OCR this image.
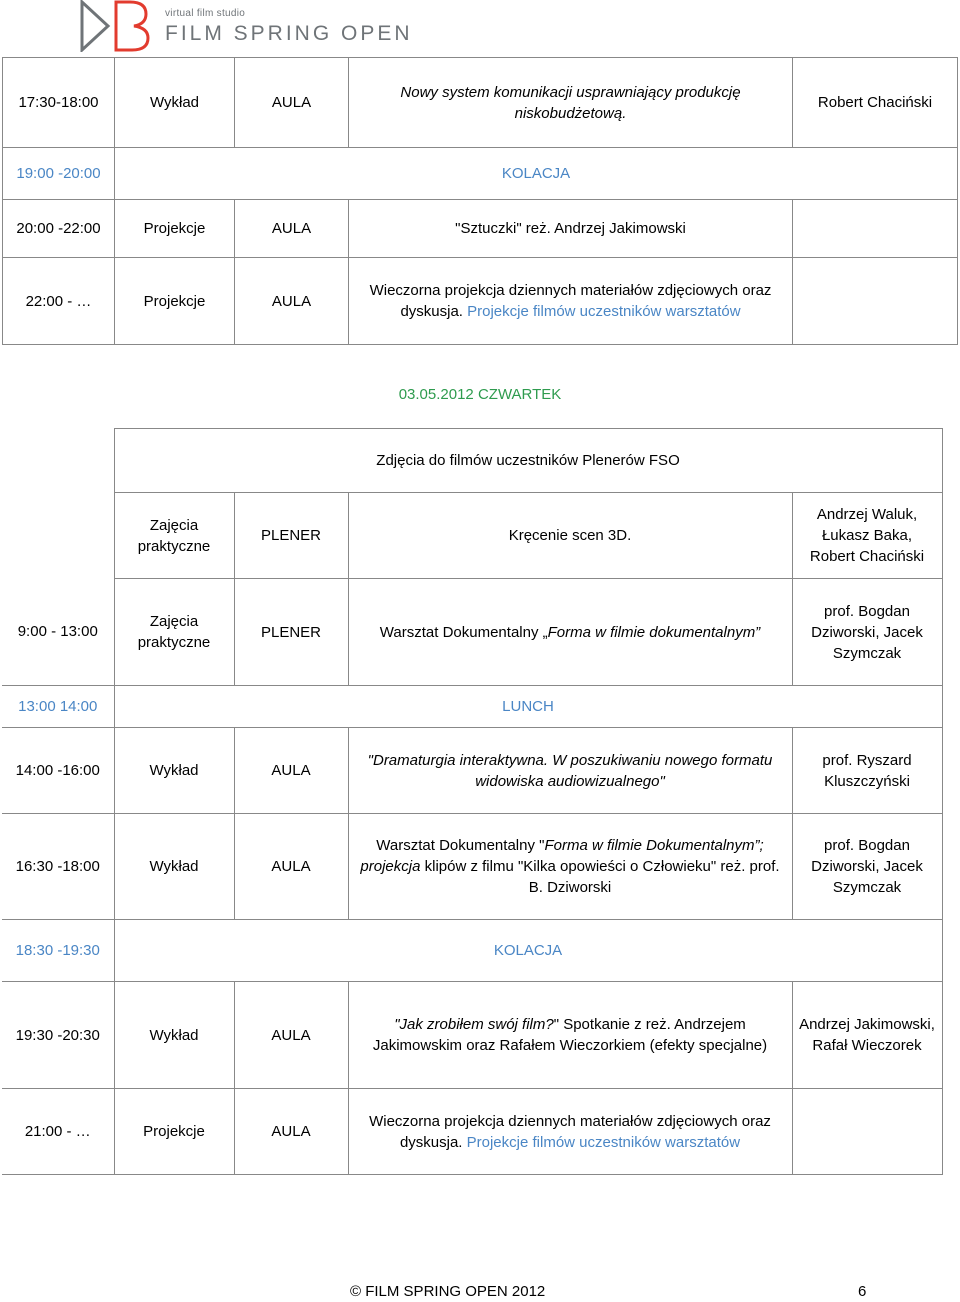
virtual film studio
FILM SPRING OPEN
17:30-18:00	Wykład	AULA	Nowy system komunikacji usprawniający produkcję niskobudżetową.	Robert Chaciński
19:00 -20:00	KOLACJA			
20:00 -22:00	Projekcje	AULA	"Sztuczki" reż. Andrzej Jakimowski	
22:00 - …	Projekcje	AULA	Wieczorna projekcja dziennych materiałów zdjęciowych oraz dyskusja. Projekcje filmów uczestników warsztatów	
03.05.2012 CZWARTEK
	Zdjęcia do filmów uczestników Plenerów FSO			
	Zajęcia praktyczne	PLENER	Kręcenie scen 3D.	Andrzej Waluk, Łukasz Baka, Robert Chaciński
9:00 - 13:00	Zajęcia praktyczne	PLENER	Warsztat Dokumentalny „Forma w filmie dokumentalnym”	prof. Bogdan Dziworski, Jacek Szymczak
13:00 14:00	LUNCH			
14:00 -16:00	Wykład	AULA	"Dramaturgia interaktywna. W poszukiwaniu nowego formatu widowiska audiowizualnego"	prof. Ryszard Kluszczyński
16:30 -18:00	Wykład	AULA	Warsztat Dokumentalny "Forma w filmie Dokumentalnym”; projekcja klipów z filmu "Kilka opowieści o Człowieku" reż. prof. B. Dziworski	prof. Bogdan Dziworski, Jacek Szymczak
18:30 -19:30	KOLACJA			
19:30 -20:30	Wykład	AULA	"Jak zrobiłem swój film?" Spotkanie z reż. Andrzejem Jakimowskim oraz Rafałem Wieczorkiem (efekty specjalne)	Andrzej Jakimowski, Rafał Wieczorek
21:00 - …	Projekcje	AULA	Wieczorna projekcja dziennych materiałów zdjęciowych oraz dyskusja. Projekcje filmów uczestników warsztatów	
© FILM SPRING OPEN 2012	6
